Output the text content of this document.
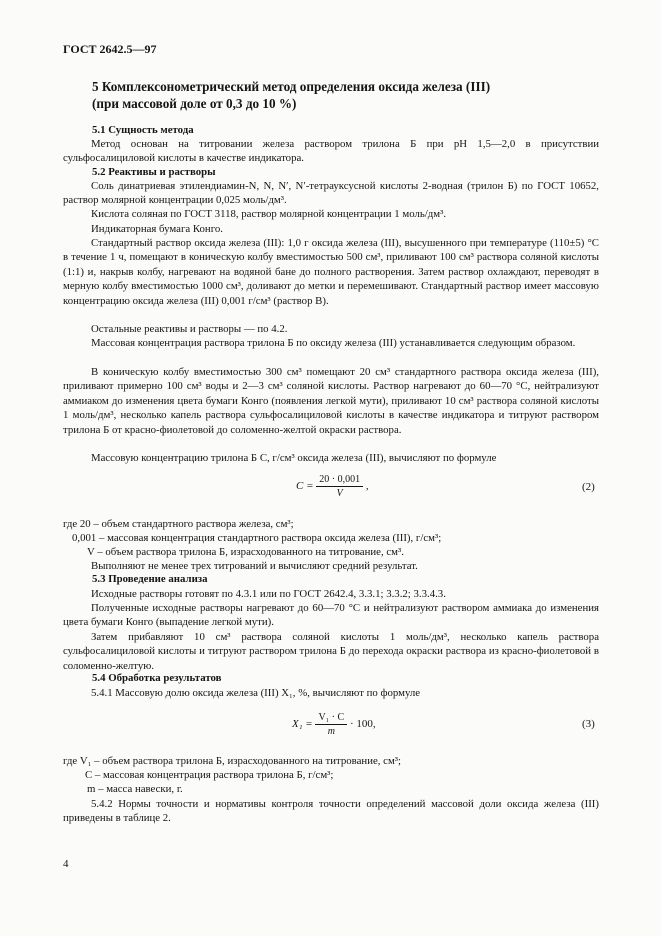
ГОСТ 2642.5—97
5 Комплексонометрический метод определения оксида железа (III)
(при массовой доле от 0,3 до 10 %)
5.1 Сущность метода
Метод основан на титровании железа раствором трилона Б при pH 1,5—2,0 в присутствии сульфосалициловой кислоты в качестве индикатора.
5.2 Реактивы и растворы
Соль динатриевая этилендиамин-N, N, N′, N′-тетрауксусной кислоты 2-водная (трилон Б) по ГОСТ 10652, раствор молярной концентрации 0,025 моль/дм³.
Кислота соляная по ГОСТ 3118, раствор молярной концентрации 1 моль/дм³.
Индикаторная бумага Конго.
Стандартный раствор оксида железа (III): 1,0 г оксида железа (III), высушенного при температуре (110±5) °С в течение 1 ч, помещают в коническую колбу вместимостью 500 см³, приливают 100 см³ раствора соляной кислоты (1:1) и, накрыв колбу, нагревают на водяной бане до полного растворения. Затем раствор охлаждают, переводят в мерную колбу вместимостью 1000 см³, доливают до метки и перемешивают. Стандартный раствор имеет массовую концентрацию оксида железа (III) 0,001 г/см³ (раствор В).
Остальные реактивы и растворы — по 4.2.
Массовая концентрация раствора трилона Б по оксиду железа (III) устанавливается следующим образом.
В коническую колбу вместимостью 300 см³ помещают 20 см³ стандартного раствора оксида железа (III), приливают примерно 100 см³ воды и 2—3 см³ соляной кислоты. Раствор нагревают до 60—70 °С, нейтрализуют аммиаком до изменения цвета бумаги Конго (появления легкой мути), приливают 10 см³ раствора соляной кислоты 1 моль/дм³, несколько капель раствора сульфосалициловой кислоты в качестве индикатора и титруют раствором трилона Б от красно-фиолетовой до соломенно-желтой окраски раствора.
Массовую концентрацию трилона Б С, г/см³ оксида железа (III), вычисляют по формуле
$C = \frac{20 \cdot 0,001}{V}$ ,	(2)
где 20 – объем стандартного раствора железа, см³;
0,001 – массовая концентрация стандартного раствора оксида железа (III), г/см³;
V – объем раствора трилона Б, израсходованного на титрование, см³.
Выполняют не менее трех титрований и вычисляют средний результат.
5.3 Проведение анализа
Исходные растворы готовят по 4.3.1 или по ГОСТ 2642.4, 3.3.1; 3.3.2; 3.3.4.3.
Полученные исходные растворы нагревают до 60—70 °С и нейтрализуют раствором аммиака до изменения цвета бумаги Конго (выпадение легкой мути).
Затем прибавляют 10 см³ раствора соляной кислоты 1 моль/дм³, несколько капель раствора сульфосалициловой кислоты и титруют раствором трилона Б до перехода окраски раствора из красно-фиолетовой в соломенно-желтую.
5.4 Обработка результатов
5.4.1 Массовую долю оксида железа (III) X₁, %, вычисляют по формуле
$X_1 = \frac{\text{V₁ · C}}{m} \cdot 100$,	(3)
где V₁ – объем раствора трилона Б, израсходованного на титрование, см³;
C – массовая концентрация раствора трилона Б, г/см³;
m – масса навески, г.
5.4.2 Нормы точности и нормативы контроля точности определений массовой доли оксида железа (III) приведены в таблице 2.
4
